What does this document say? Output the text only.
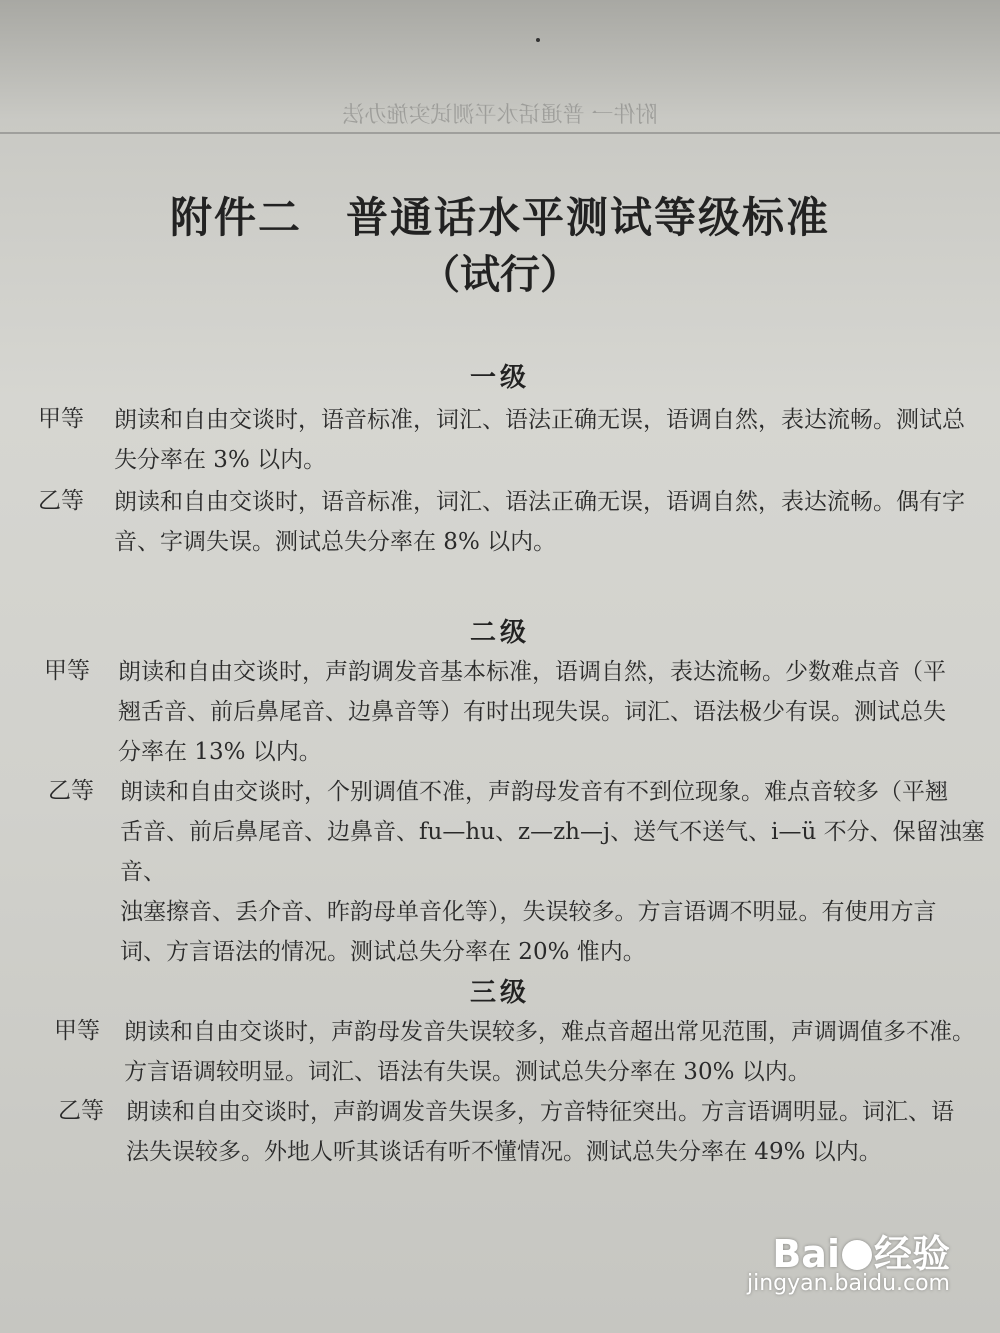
附件一 普通话水平测试实施办法
附件二　普通话水平测试等级标准
（试行）
一级
甲等	朗读和自由交谈时，语音标准，词汇、语法正确无误，语调自然，表达流畅。测试总
失分率在 3% 以内。
乙等	朗读和自由交谈时，语音标准，词汇、语法正确无误，语调自然，表达流畅。偶有字
音、字调失误。测试总失分率在 8% 以内。
二级
甲等	朗读和自由交谈时，声韵调发音基本标准，语调自然，表达流畅。少数难点音（平
翘舌音、前后鼻尾音、边鼻音等）有时出现失误。词汇、语法极少有误。测试总失
分率在 13% 以内。
乙等	朗读和自由交谈时，个别调值不准，声韵母发音有不到位现象。难点音较多（平翘
舌音、前后鼻尾音、边鼻音、fu—hu、z—zh—j、送气不送气、i—ü 不分、保留浊塞音、
浊塞擦音、丢介音、昨韵母单音化等），失误较多。方言语调不明显。有使用方言
词、方言语法的情况。测试总失分率在 20% 惟内。
三级
甲等	朗读和自由交谈时，声韵母发音失误较多，难点音超出常见范围，声调调值多不准。
方言语调较明显。词汇、语法有失误。测试总失分率在 30% 以内。
乙等 朗读和自由交谈时，声韵调发音失误多，方音特征突出。方言语调明显。词汇、语
法失误较多。外地人听其谈话有听不懂情况。测试总失分率在 49% 以内。
Bai 经验
jingyan.baidu.com
